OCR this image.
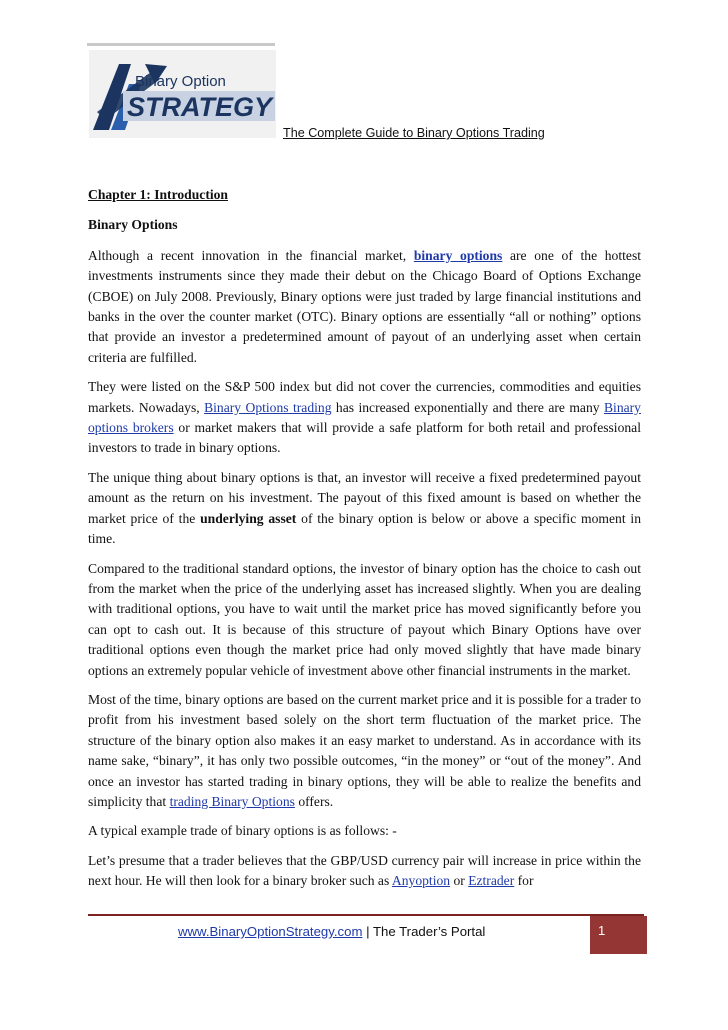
Binary Option
STRATEGY
The Complete Guide to Binary Options Trading

Chapter 1: Introduction

Binary Options

Although a recent innovation in the financial market, binary options are one of the hottest investments instruments since they made their debut on the Chicago Board of Options Exchange (CBOE) on July 2008. Previously, Binary options were just traded by large financial institutions and banks in the over the counter market (OTC). Binary options are essentially “all or nothing” options that provide an investor a predetermined amount of payout of an underlying asset when certain criteria are fulfilled.

They were listed on the S&P 500 index but did not cover the currencies, commodities and equities markets. Nowadays, Binary Options trading has increased exponentially and there are many Binary options brokers or market makers that will provide a safe platform for both retail and professional investors to trade in binary options.

The unique thing about binary options is that, an investor will receive a fixed predetermined payout amount as the return on his investment. The payout of this fixed amount is based on whether the market price of the underlying asset of the binary option is below or above a specific moment in time.

Compared to the traditional standard options, the investor of binary option has the choice to cash out from the market when the price of the underlying asset has increased slightly. When you are dealing with traditional options, you have to wait until the market price has moved significantly before you can opt to cash out. It is because of this structure of payout which Binary Options have over traditional options even though the market price had only moved slightly that have made binary options an extremely popular vehicle of investment above other financial instruments in the market.

Most of the time, binary options are based on the current market price and it is possible for a trader to profit from his investment based solely on the short term fluctuation of the market price. The structure of the binary option also makes it an easy market to understand. As in accordance with its name sake, “binary”, it has only two possible outcomes, “in the money” or “out of the money”. And once an investor has started trading in binary options, they will be able to realize the benefits and simplicity that trading Binary Options offers.

A typical example trade of binary options is as follows: -

Let’s presume that a trader believes that the GBP/USD currency pair will increase in price within the next hour. He will then look for a binary broker such as Anyoption or Eztrader for

www.BinaryOptionStrategy.com | The Trader’s Portal	1
